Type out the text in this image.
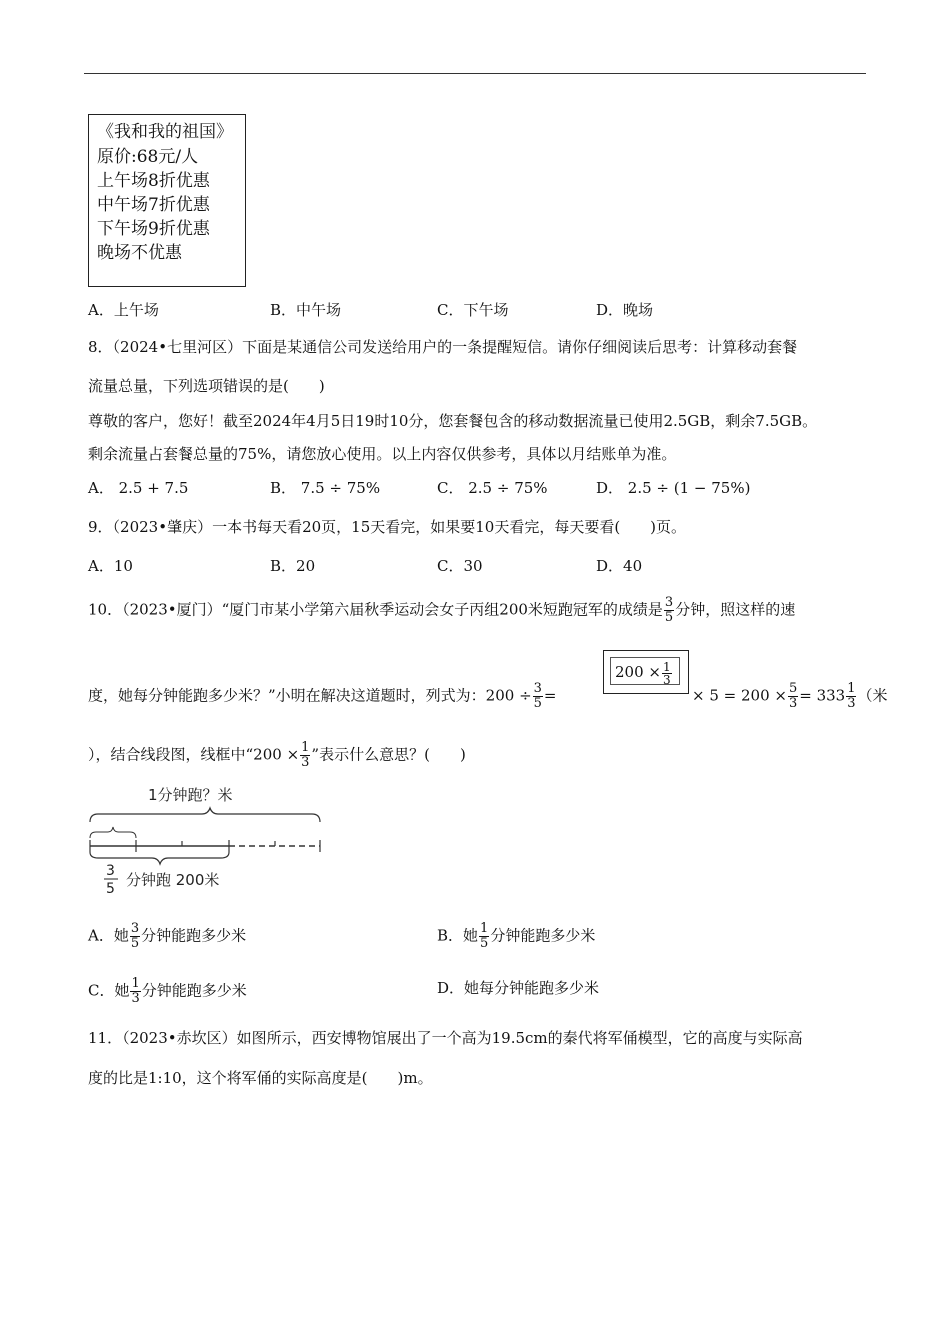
《我和我的祖国》
原价:68元/人
上午场8折优惠
中午场7折优惠
下午场9折优惠
晚场不优惠
A．上午场	B．中午场	C．下午场	D．晚场
8．（2024•七里河区）下面是某通信公司发送给用户的一条提醒短信。请你仔细阅读后思考：计算移动套餐
流量总量，下列选项错误的是(　　)
尊敬的客户，您好！截至2024年4月5日19时10分，您套餐包含的移动数据流量已使用2.5GB，剩余7.5GB。
剩余流量占套餐总量的75%，请您放心使用。以上内容仅供参考，具体以月结账单为准。
A． 2.5 + 7.5	B． 7.5 ÷ 75%	C． 2.5 ÷ 75%	D． 2.5 ÷ (1 − 75%)
9．（2023•肇庆）一本书每天看20页，15天看完，如果要10天看完，每天要看(　　)页。
A．10	B．20	C．30	D．40
10．（2023•厦门）“厦门市某小学第六届秋季运动会女子丙组200米短跑冠军的成绩是 $\frac{3}{5}$ 分钟，照这样的速
度，她每分钟能跑多少米？”小明在解决这道题时，列式为：$200 \div \frac{3}{5}$ =
$200 \times \frac{1}{3}$
× $5 = 200 \times \frac{5}{3} = 333 \frac{1}{3}$ （米
），结合线段图，线框中“$200 \times \frac{1}{3}$ ”表示什么意思？(　　)
1分钟跑？米
3
5 分钟跑 200米
A．她 $\frac{3}{5}$ 分钟能跑多少米	B．她 $\frac{1}{5}$ 分钟能跑多少米
C．她 $\frac{1}{3}$ 分钟能跑多少米	D．她每分钟能跑多少米
11．（2023•赤坎区）如图所示，西安博物馆展出了一个高为19.5cm的秦代将军俑模型，它的高度与实际高
度的比是1:10，这个将军俑的实际高度是(　　)m。
